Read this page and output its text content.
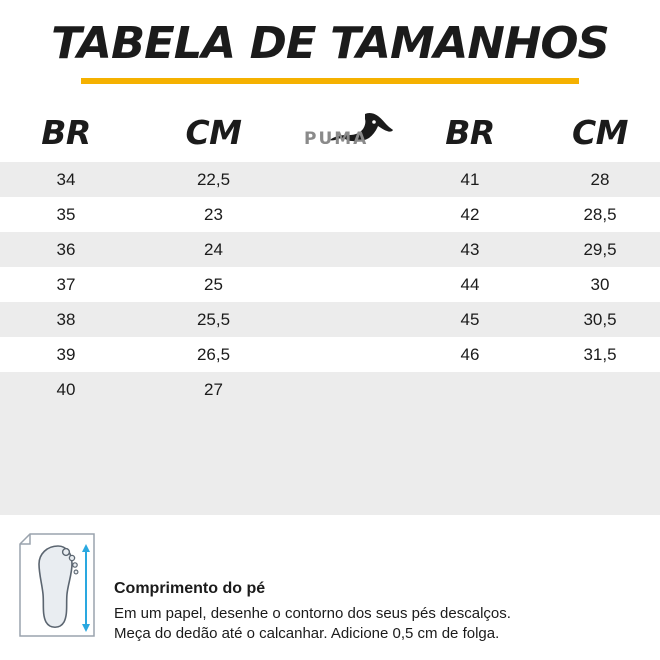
TABELA DE TAMANHOS
BR	CM	PUMA	BR	CM
34	22,5	41	28
35	23	42	28,5
36	24	43	29,5
37	25	44	30
38	25,5	45	30,5
39	26,5	46	31,5
40	27
Comprimento do pé
Em um papel, desenhe o contorno dos seus pés descalços.
Meça do dedão até o calcanhar. Adicione 0,5 cm de folga.
